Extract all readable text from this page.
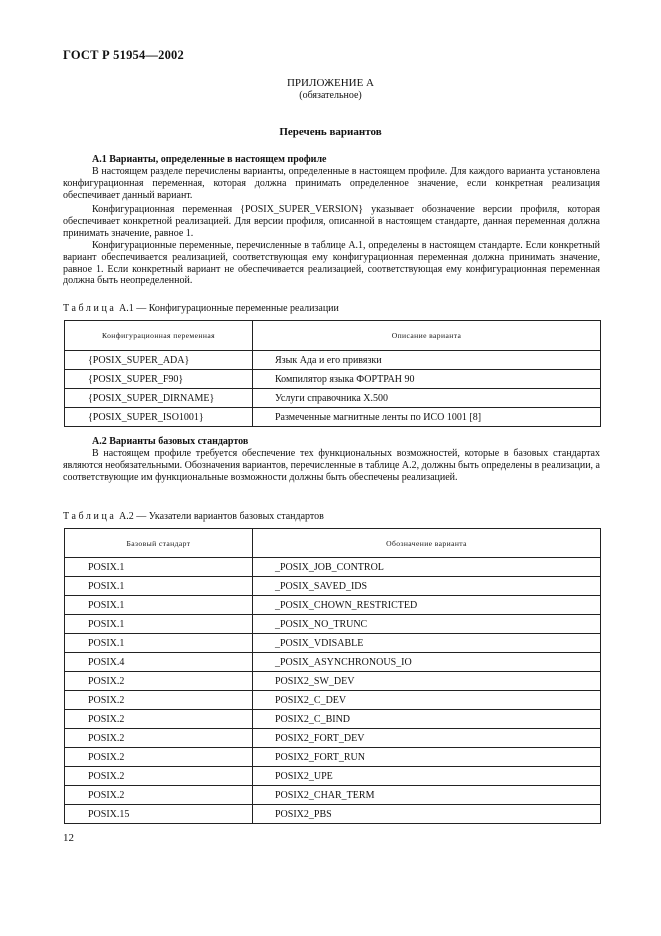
ГОСТ Р 51954—2002
ПРИЛОЖЕНИЕ А
(обязательное)
Перечень вариантов
А.1 Варианты, определенные в настоящем профиле

В настоящем разделе перечислены варианты, определенные в настоящем профиле. Для каждого варианта установлена конфигурационная переменная, которая должна принимать определенное значение, если конкретная реализация обеспечивает данный вариант.

Конфигурационная переменная {POSIX_SUPER_VERSION} указывает обозначение версии профиля, которая обеспечивает конкретной реализацией. Для версии профиля, описанной в настоящем стандарте, данная переменная должна принимать значение, равное 1.

Конфигурационные переменные, перечисленные в таблице А.1, определены в настоящем стандарте. Если конкретный вариант обеспечивается реализацией, соответствующая ему конфигурационная переменная должна принимать значение, равное 1. Если конкретный вариант не обеспечивается реализацией, соответствующая ему конфигурационная переменная должна быть неопределенной.

Таблица А.1 — Конфигурационные переменные реализации
Конфигурационная переменная	Описание варианта
{POSIX_SUPER_ADA}	Язык Ада и его привязки
{POSIX_SUPER_F90}	Компилятор языка ФОРТРАН 90
{POSIX_SUPER_DIRNAME}	Услуги справочника Х.500
{POSIX_SUPER_ISO1001}	Размеченные магнитные ленты по ИСО 1001 [8]
А.2 Варианты базовых стандартов

В настоящем профиле требуется обеспечение тех функциональных возможностей, которые в базовых стандартах являются необязательными. Обозначения вариантов, перечисленные в таблице А.2, должны быть определены в реализации, а соответствующие им функциональные возможности должны быть обеспечены реализацией.

Таблица А.2 — Указатели вариантов базовых стандартов
Базовый стандарт	Обозначение варианта
POSIX.1	_POSIX_JOB_CONTROL
POSIX.1	_POSIX_SAVED_IDS
POSIX.1	_POSIX_CHOWN_RESTRICTED
POSIX.1	_POSIX_NO_TRUNC
POSIX.1	_POSIX_VDISABLE
POSIX.4	_POSIX_ASYNCHRONOUS_IO
POSIX.2	POSIX2_SW_DEV
POSIX.2	POSIX2_C_DEV
POSIX.2	POSIX2_C_BIND
POSIX.2	POSIX2_FORT_DEV
POSIX.2	POSIX2_FORT_RUN
POSIX.2	POSIX2_UPE
POSIX.2	POSIX2_CHAR_TERM
POSIX.15	POSIX2_PBS
12
